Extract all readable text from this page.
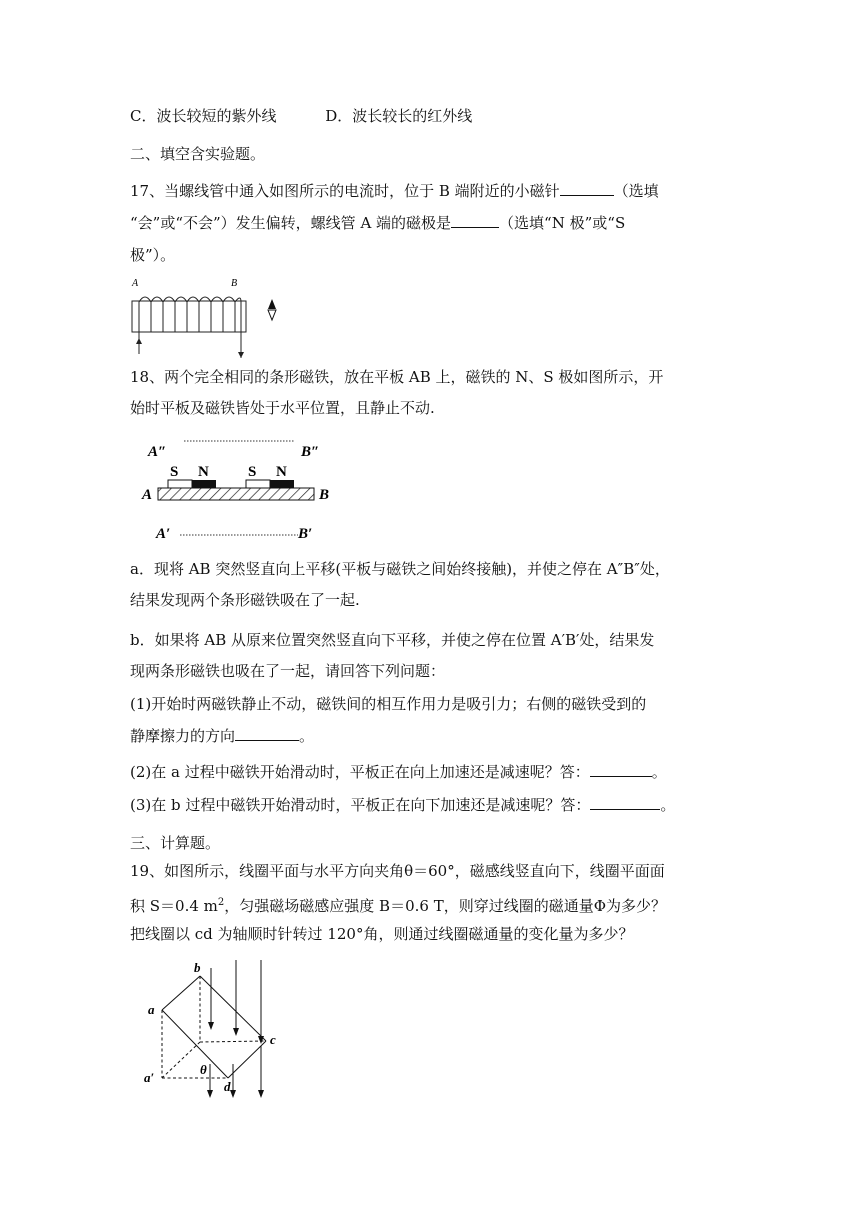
C．波长较短的紫外线	D．波长较长的红外线
二、填空含实验题。
17、当螺线管中通入如图所示的电流时，位于 B 端附近的小磁针	（选填
“会”或“不会”）发生偏转，螺线管 A 端的磁极是	（选填“N 极”或“S
极”）。
A	B
18、两个完全相同的条形磁铁，放在平板 AB 上，磁铁的 N、S 极如图所示，开
始时平板及磁铁皆处于水平位置，且静止不动.
A″	B″
S N	S N
A	B
A′	B′
a．现将 AB 突然竖直向上平移(平板与磁铁之间始终接触)，并使之停在 A″B″处，
结果发现两个条形磁铁吸在了一起.
b．如果将 AB 从原来位置突然竖直向下平移，并使之停在位置 A′B′处，结果发
现两条形磁铁也吸在了一起，请回答下列问题：
(1)开始时两磁铁静止不动，磁铁间的相互作用力是吸引力；右侧的磁铁受到的
静摩擦力的方向	。
(2)在 a 过程中磁铁开始滑动时，平板正在向上加速还是减速呢？答：	。
(3)在 b 过程中磁铁开始滑动时，平板正在向下加速还是减速呢？答：	。
三、计算题。
19、如图所示，线圈平面与水平方向夹角θ＝60°，磁感线竖直向下，线圈平面面
积 S＝0.4 $m^2$，匀强磁场磁感应强度 B＝0.6 T，则穿过线圈的磁通量Φ为多少？
把线圈以 cd 为轴顺时针转过 120°角，则通过线圈磁通量的变化量为多少？
a
b
c
d
a′
θ
